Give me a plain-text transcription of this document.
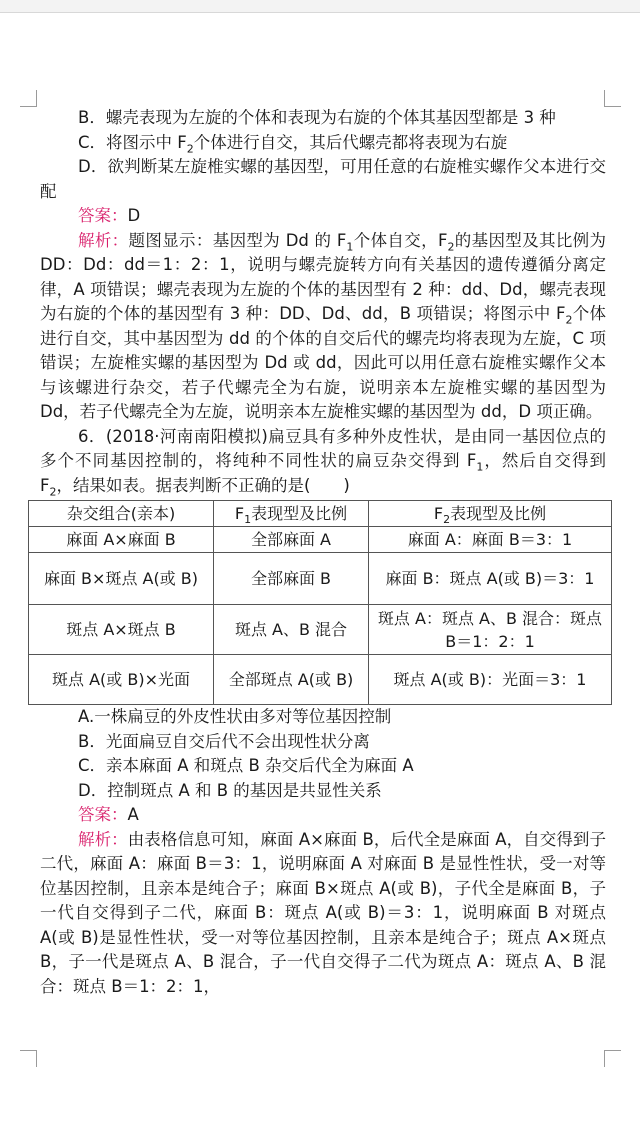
B．螺壳表现为左旋的个体和表现为右旋的个体其基因型都是 3 种

C．将图示中 $F_2$个体进行自交，其后代螺壳都将表现为右旋

D．欲判断某左旋椎实螺的基因型，可用任意的右旋椎实螺作父本进行交配

答案：D

解析：题图显示：基因型为 Dd 的 $F_1$个体自交，$F_2$的基因型及其比例为 DD：Dd：dd＝1：2：1，说明与螺壳旋转方向有关基因的遗传遵循分离定律，A 项错误；螺壳表现为左旋的个体的基因型有 2 种：dd、Dd，螺壳表现为右旋的个体的基因型有 3 种：DD、Dd、dd，B 项错误；将图示中 $F_2$个体进行自交，其中基因型为 dd 的个体的自交后代的螺壳均将表现为左旋，C 项错误；左旋椎实螺的基因型为 Dd 或 dd，因此可以用任意右旋椎实螺作父本与该螺进行杂交，若子代螺壳全为右旋，说明亲本左旋椎实螺的基因型为 Dd，若子代螺壳全为左旋，说明亲本左旋椎实螺的基因型为 dd，D 项正确。

6．(2018·河南南阳模拟)扁豆具有多种外皮性状，是由同一基因位点的多个不同基因控制的，将纯种不同性状的扁豆杂交得到 $F_1$，然后自交得到 $F_2$，结果如表。据表判断不正确的是(　　)

杂交组合(亲本)	$F_1$表现型及比例	$F_2$表现型及比例
麻面 A×麻面 B	全部麻面 A	麻面 A：麻面 B＝3：1
麻面 B×斑点 A(或 B)	全部麻面 B	麻面 B：斑点 A(或 B)＝3：1
斑点 A×斑点 B	斑点 A、B 混合	斑点 A：斑点 A、B 混合：斑点 B＝1：2：1
斑点 A(或 B)×光面	全部斑点 A(或 B)	斑点 A(或 B)：光面＝3：1

A.一株扁豆的外皮性状由多对等位基因控制

B．光面扁豆自交后代不会出现性状分离

C．亲本麻面 A 和斑点 B 杂交后代全为麻面 A

D．控制斑点 A 和 B 的基因是共显性关系

答案：A

解析：由表格信息可知，麻面 A×麻面 B，后代全是麻面 A，自交得到子二代，麻面 A：麻面 B＝3：1，说明麻面 A 对麻面 B 是显性性状，受一对等位基因控制，且亲本是纯合子；麻面 B×斑点 A(或 B)，子代全是麻面 B，子一代自交得到子二代，麻面 B：斑点 A(或 B)＝3：1，说明麻面 B 对斑点 A(或 B)是显性性状，受一对等位基因控制，且亲本是纯合子；斑点 A×斑点 B，子一代是斑点 A、B 混合，子一代自交得子二代为斑点 A：斑点 A、B 混合：斑点 B＝1：2：1，
